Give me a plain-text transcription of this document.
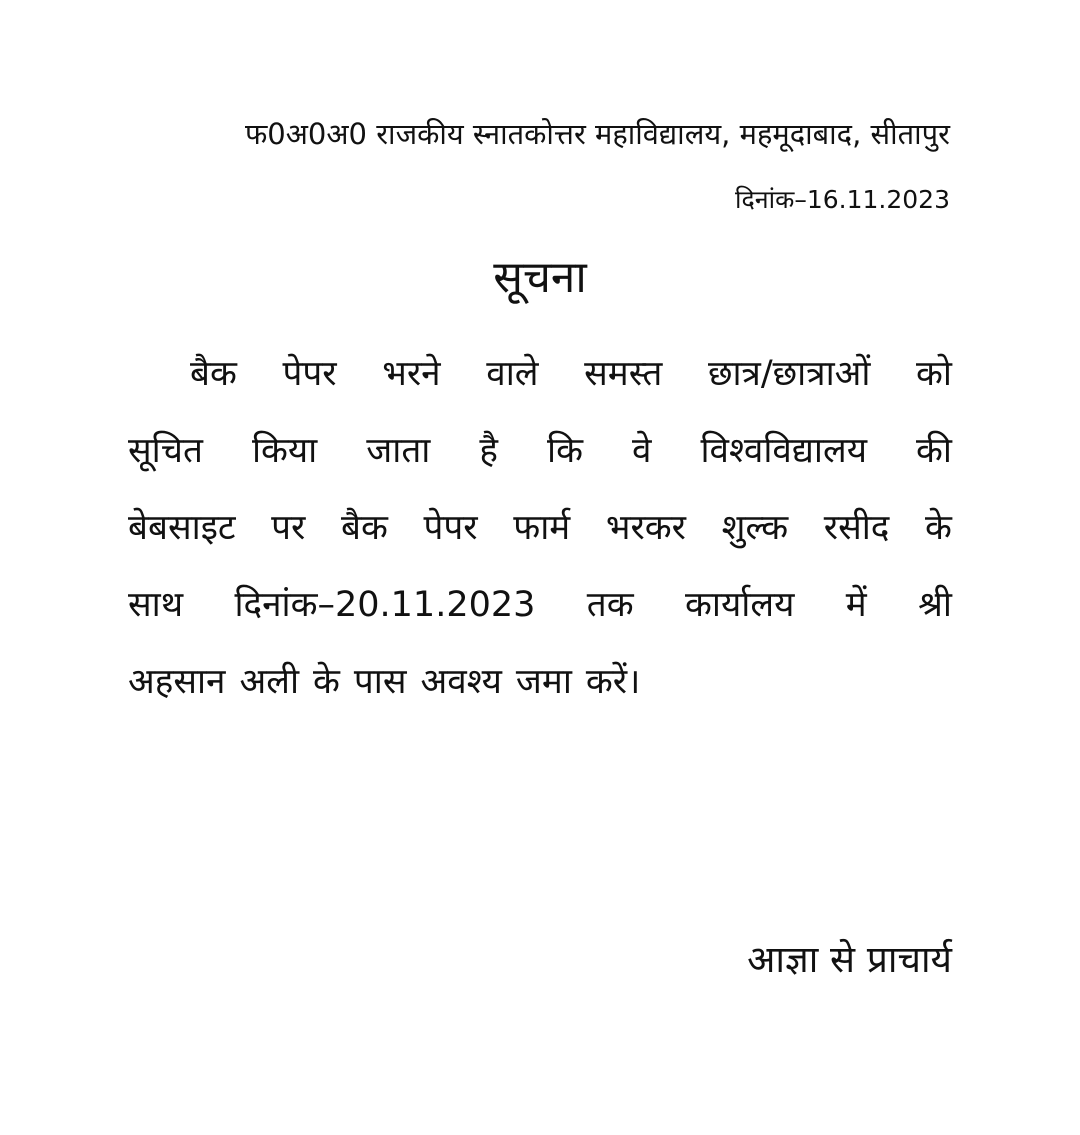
फ0अ0अ0 राजकीय स्नातकोत्तर महाविद्यालय, महमूदाबाद, सीतापुर
दिनांक–16.11.2023
सूचना
बैक पेपर भरने वाले समस्त छात्र/छात्राओं को
सूचित किया जाता है कि वे विश्वविद्यालय की
बेबसाइट पर बैक पेपर फार्म भरकर शुल्क रसीद के
साथ दिनांक–20.11.2023 तक कार्यालय में श्री
अहसान अली के पास अवश्य जमा करें।
आज्ञा से प्राचार्य
